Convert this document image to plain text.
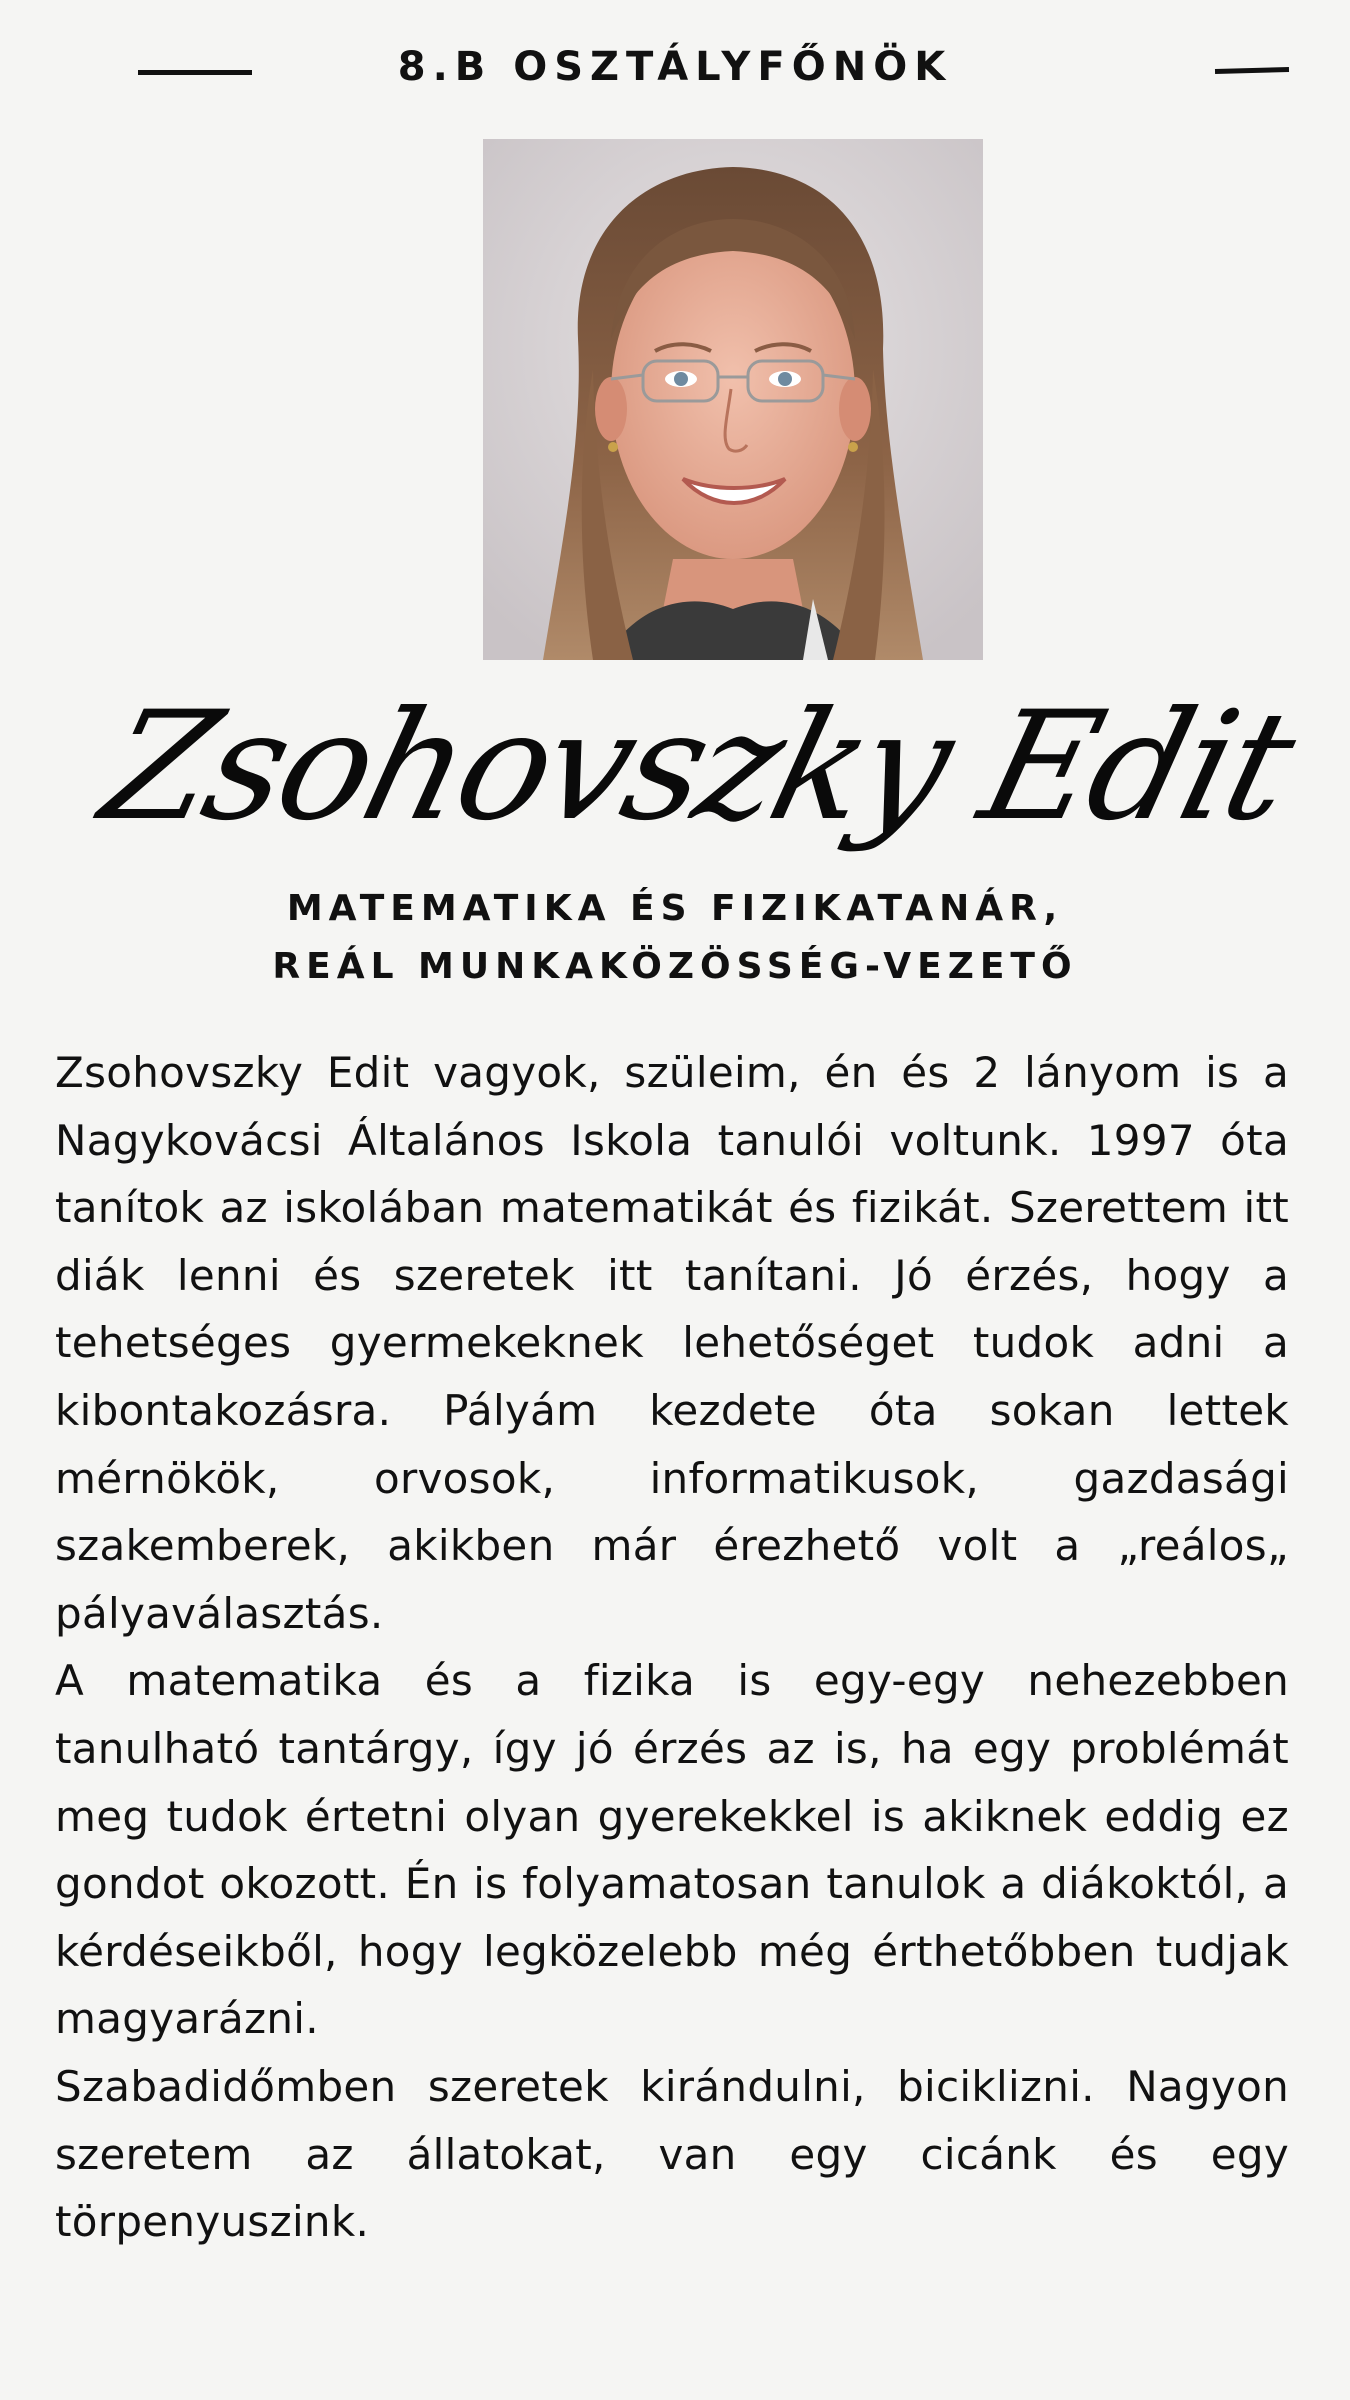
8.B OSZTÁLYFŐNÖK
Zsohovszky Edit
MATEMATIKA ÉS FIZIKATANÁR,
REÁL MUNKAKÖZÖSSÉG-VEZETŐ

Zsohovszky Edit vagyok, szüleim, én és 2 lányom is a Nagykovácsi Általános Iskola tanulói voltunk. 1997 óta tanítok az iskolában matematikát és fizikát. Szerettem itt diák lenni és szeretek itt tanítani. Jó érzés, hogy a tehetséges gyermekeknek lehetőséget tudok adni a kibontakozásra. Pályám kezdete óta sokan lettek mérnökök, orvosok, informatikusok, gazdasági szakemberek, akikben már érezhető volt a „reálos„ pályaválasztás.

A matematika és a fizika is egy-egy nehezebben tanulható tantárgy, így jó érzés az is, ha egy problémát meg tudok értetni olyan gyerekekkel is akiknek eddig ez gondot okozott. Én is folyamatosan tanulok a diákoktól, a kérdéseikből, hogy legközelebb még érthetőbben tudjak magyarázni.

Szabadidőmben szeretek kirándulni, biciklizni. Nagyon szeretem az állatokat, van egy cicánk és egy törpenyuszink.
